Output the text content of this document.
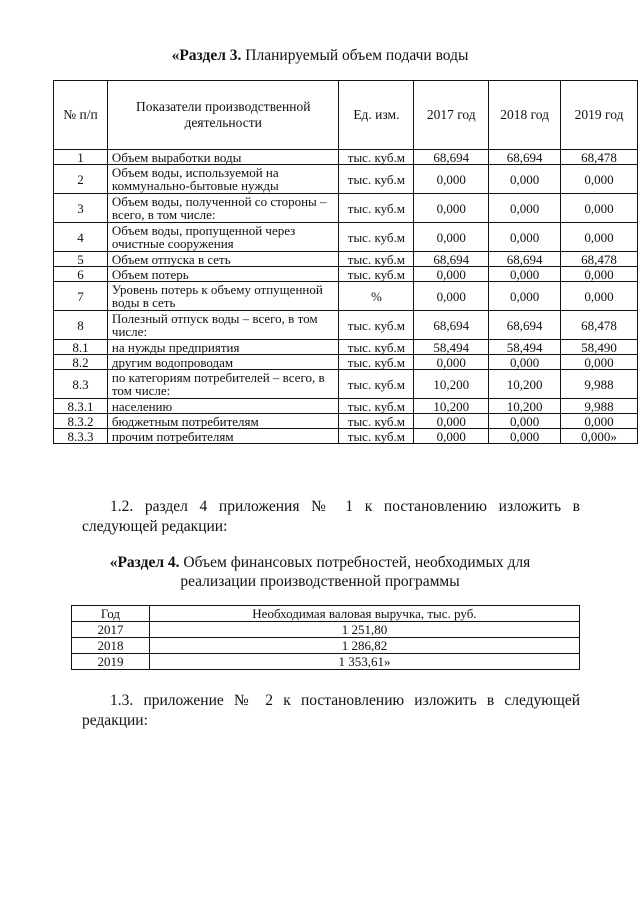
«Раздел 3. Планируемый объем подачи воды
№ п/п	Показатели производственной деятельности	Ед. изм.	2017 год	2018 год	2019 год
1	Объем выработки воды	тыс. куб.м	68,694	68,694	68,478
2	Объем воды, используемой на коммунально-бытовые нужды	тыс. куб.м	0,000	0,000	0,000
3	Объем воды, полученной со стороны – всего, в том числе:	тыс. куб.м	0,000	0,000	0,000
4	Объем воды, пропущенной через очистные сооружения	тыс. куб.м	0,000	0,000	0,000
5	Объем отпуска в сеть	тыс. куб.м	68,694	68,694	68,478
6	Объем потерь	тыс. куб.м	0,000	0,000	0,000
7	Уровень потерь к объему отпущенной воды в сеть	%	0,000	0,000	0,000
8	Полезный отпуск воды – всего, в том числе:	тыс. куб.м	68,694	68,694	68,478
8.1	на нужды предприятия	тыс. куб.м	58,494	58,494	58,490
8.2	другим водопроводам	тыс. куб.м	0,000	0,000	0,000
8.3	по категориям потребителей – всего, в том числе:	тыс. куб.м	10,200	10,200	9,988
8.3.1	населению	тыс. куб.м	10,200	10,200	9,988
8.3.2	бюджетным потребителям	тыс. куб.м	0,000	0,000	0,000
8.3.3	прочим потребителям	тыс. куб.м	0,000	0,000	0,000»
1.2. раздел 4 приложения № 1 к постановлению изложить в следующей редакции:
«Раздел 4. Объем финансовых потребностей, необходимых для
реализации производственной программы
Год	Необходимая валовая выручка, тыс. руб.
2017	1 251,80
2018	1 286,82
2019	1 353,61»
1.3. приложение № 2 к постановлению изложить в следующей редакции:
